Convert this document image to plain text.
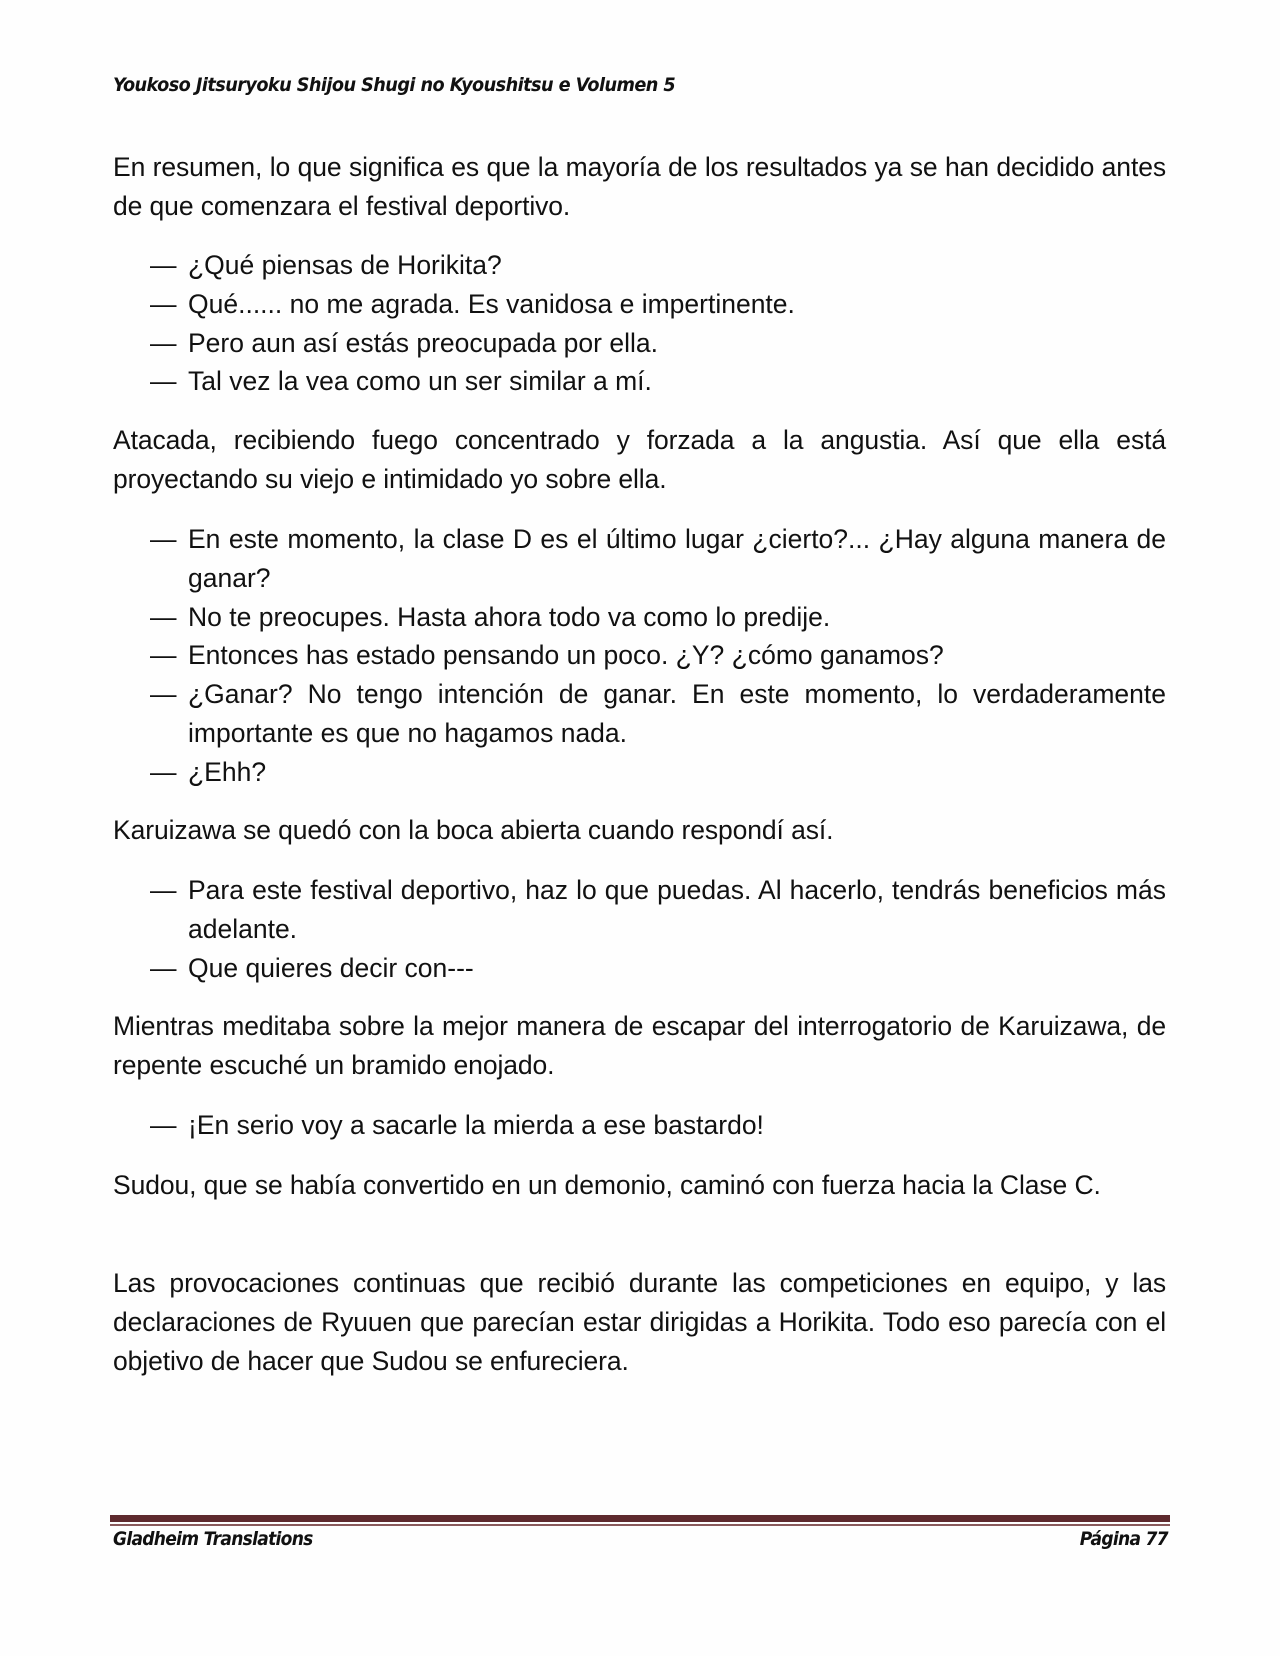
Youkoso Jitsuryoku Shijou Shugi no Kyoushitsu e Volumen 5
En resumen, lo que significa es que la mayoría de los resultados ya se han decidido antes de que comenzara el festival deportivo.
— ¿Qué piensas de Horikita?
— Qué...... no me agrada. Es vanidosa e impertinente.
— Pero aun así estás preocupada por ella.
— Tal vez la vea como un ser similar a mí.
Atacada, recibiendo fuego concentrado y forzada a la angustia. Así que ella está proyectando su viejo e intimidado yo sobre ella.
— En este momento, la clase D es el último lugar ¿cierto?... ¿Hay alguna manera de ganar?
— No te preocupes. Hasta ahora todo va como lo predije.
— Entonces has estado pensando un poco. ¿Y? ¿cómo ganamos?
— ¿Ganar? No tengo intención de ganar. En este momento, lo verdaderamente importante es que no hagamos nada.
— ¿Ehh?
Karuizawa se quedó con la boca abierta cuando respondí así.
— Para este festival deportivo, haz lo que puedas. Al hacerlo, tendrás beneficios más adelante.
— Que quieres decir con---
Mientras meditaba sobre la mejor manera de escapar del interrogatorio de Karuizawa, de repente escuché un bramido enojado.
— ¡En serio voy a sacarle la mierda a ese bastardo!
Sudou, que se había convertido en un demonio, caminó con fuerza hacia la Clase C.
Las provocaciones continuas que recibió durante las competiciones en equipo, y las declaraciones de Ryuuen que parecían estar dirigidas a Horikita. Todo eso parecía con el objetivo de hacer que Sudou se enfureciera.
Gladheim Translations	Página 77
